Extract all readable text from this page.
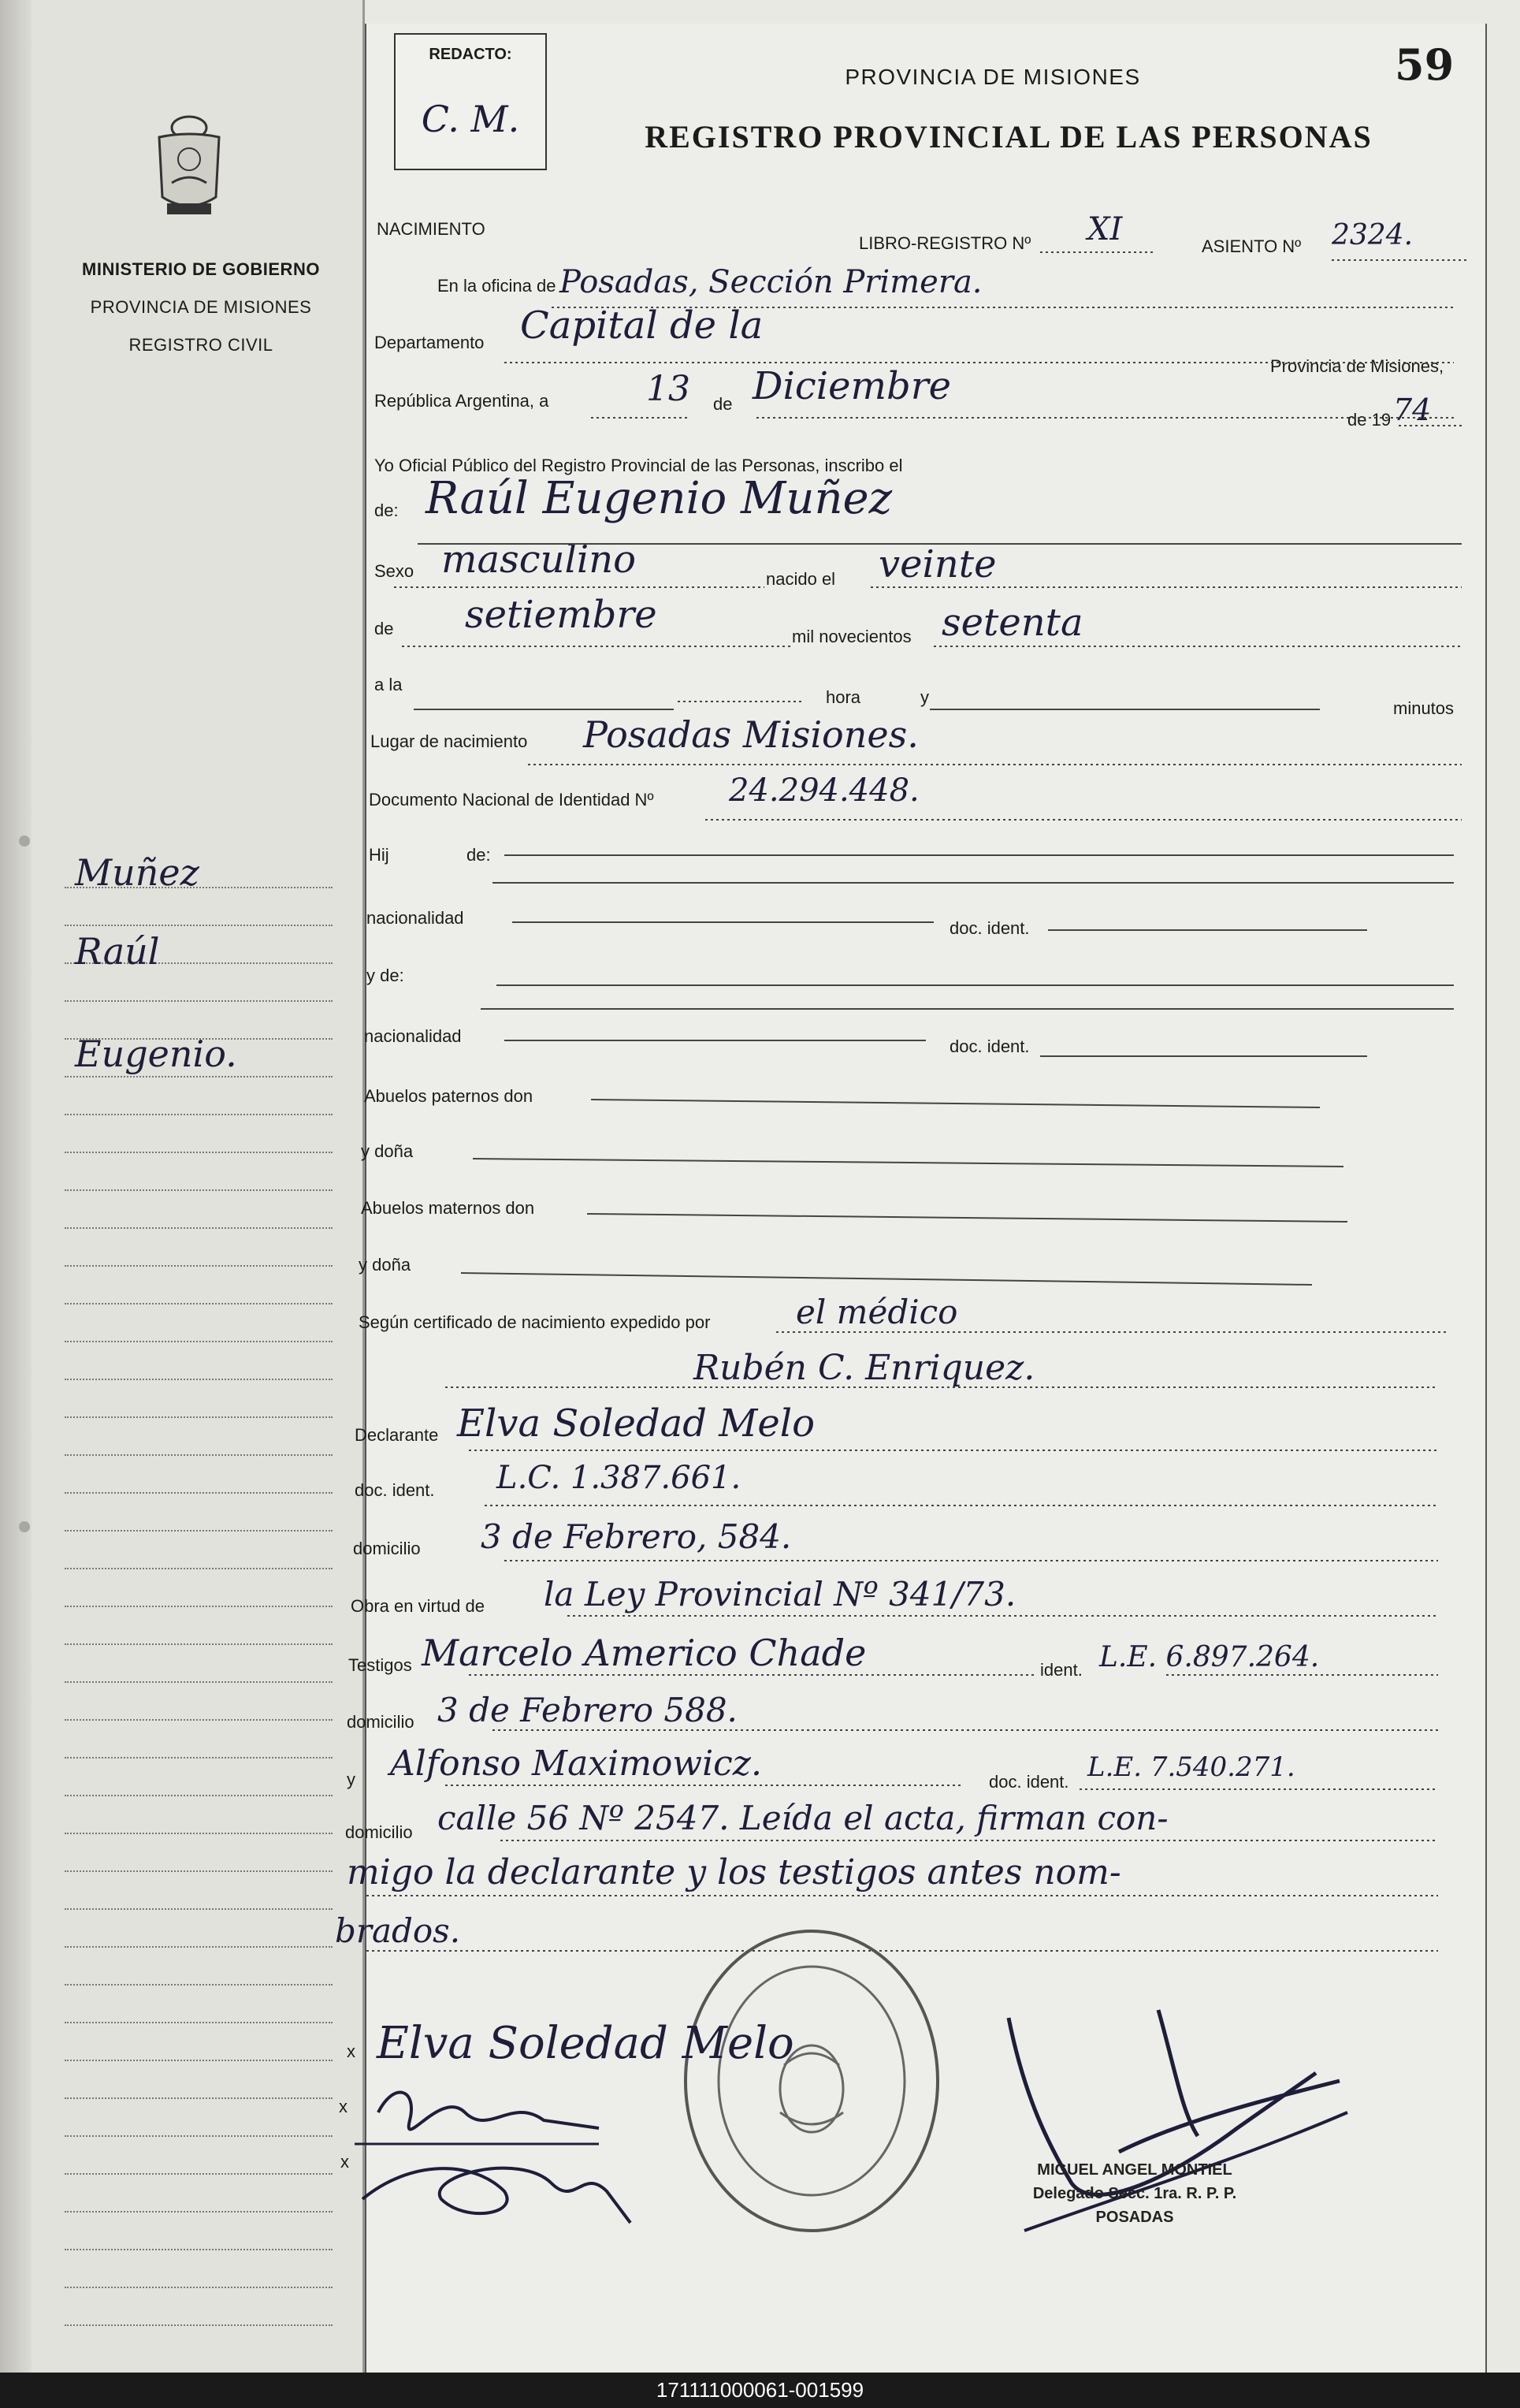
MINISTERIO DE GOBIERNO
PROVINCIA DE MISIONES
REGISTRO CIVIL
Muñez
Raúl
Eugenio.
REDACTO:
C. M.
59
PROVINCIA DE MISIONES
REGISTRO PROVINCIAL DE LAS PERSONAS
NACIMIENTO
LIBRO-REGISTRO Nº XI	ASIENTO Nº 2324.
En la oficina de Posadas, Sección Primera.
Departamento Capital de la
Provincia de Misiones,
República Argentina, a	13 de Diciembre
de 19 74
Yo Oficial Público del Registro Provincial de las Personas, inscribo el
de: Raúl Eugenio Muñez
Sexo masculino	nacido el veinte
de setiembre	mil novecientos setenta
a la
hora	y
minutos
Lugar de nacimiento Posadas Misiones.
Documento Nacional de Identidad Nº 24.294.448.
Hij	de:
nacionalidad
doc. ident.
y de:
nacionalidad
doc. ident.
Abuelos paternos don
y doña
Abuelos maternos don
y doña
Según certificado de nacimiento expedido por	el médico
Rubén C. Enriquez.
Declarante Elva Soledad Melo
doc. ident. L.C. 1.387.661.
domicilio 3 de Febrero, 584.
Obra en virtud de la Ley Provincial Nº 341/73.
Testigos Marcelo Americo Chade	ident. L.E. 6.897.264.
domicilio 3 de Febrero 588.
y Alfonso Maximowicz.	doc. ident. L.E. 7.540.271.
domicilio calle 56 Nº 2547. Leída el acta, firman con-
migo la declarante y los testigos antes nom-
brados.
x
x
x
Elva Soledad Melo
MIGUEL ANGEL MONTIEL
Delegado Secc. 1ra. R. P. P.
POSADAS
171111000061-001599
